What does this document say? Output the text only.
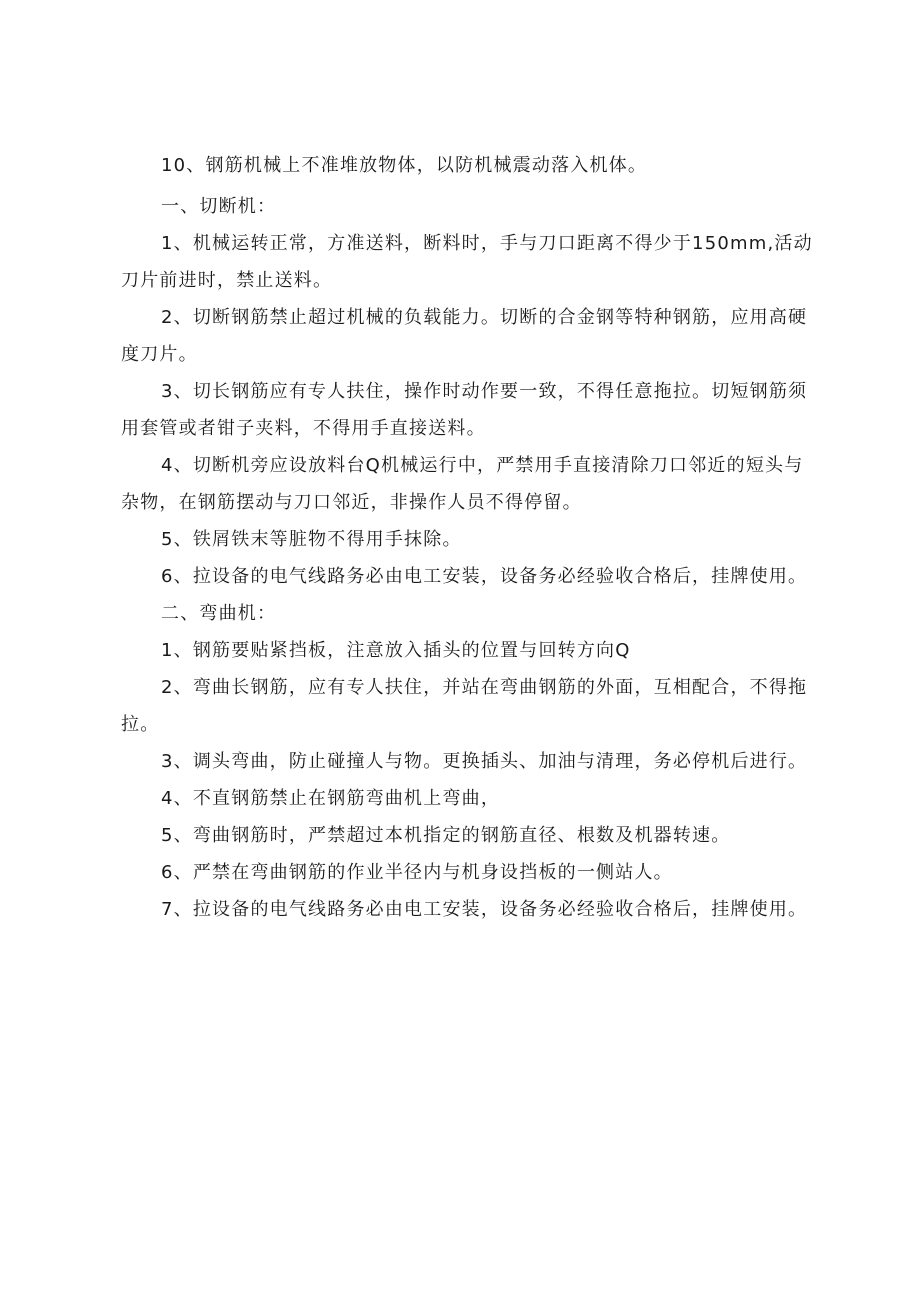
10、钢筋机械上不准堆放物体，以防机械震动落入机体。

一、切断机：

1、机械运转正常，方准送料，断料时，手与刀口距离不得少于150mm,活动刀片前进时，禁止送料。

2、切断钢筋禁止超过机械的负载能力。切断的合金钢等特种钢筋，应用高硬度刀片。

3、切长钢筋应有专人扶住，操作时动作要一致，不得任意拖拉。切短钢筋须用套管或者钳子夹料，不得用手直接送料。

4、切断机旁应设放料台Q机械运行中，严禁用手直接清除刀口邻近的短头与杂物，在钢筋摆动与刀口邻近，非操作人员不得停留。

5、铁屑铁末等脏物不得用手抹除。

6、拉设备的电气线路务必由电工安装，设备务必经验收合格后，挂牌使用。

二、弯曲机：

1、钢筋要贴紧挡板，注意放入插头的位置与回转方向Q

2、弯曲长钢筋，应有专人扶住，并站在弯曲钢筋的外面，互相配合，不得拖拉。

3、调头弯曲，防止碰撞人与物。更换插头、加油与清理，务必停机后进行。

4、不直钢筋禁止在钢筋弯曲机上弯曲，

5、弯曲钢筋时，严禁超过本机指定的钢筋直径、根数及机器转速。

6、严禁在弯曲钢筋的作业半径内与机身设挡板的一侧站人。

7、拉设备的电气线路务必由电工安装，设备务必经验收合格后，挂牌使用。
